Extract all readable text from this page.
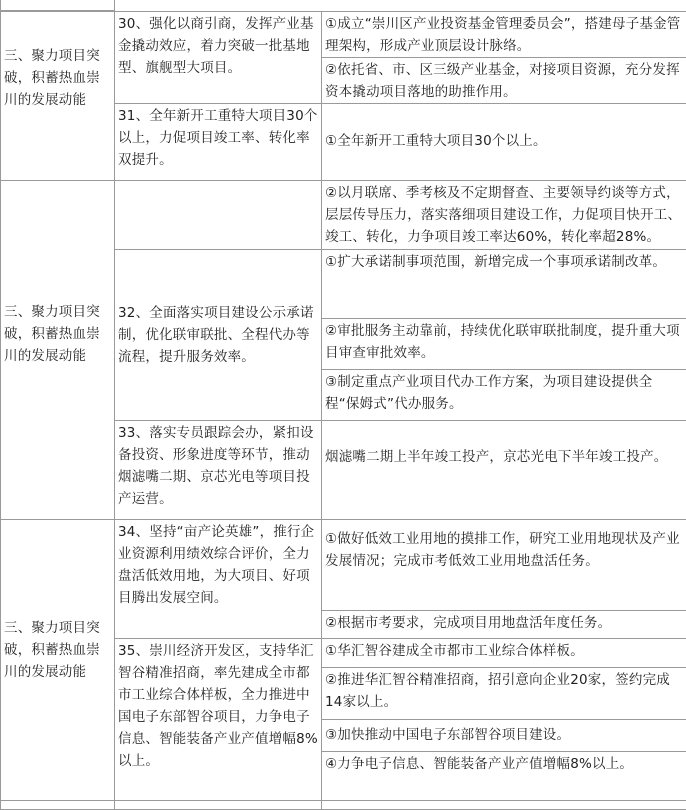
三、聚力项目突破，积蓄热血崇川的发展动能
30、强化以商引商，发挥产业基金撬动效应，着力突破一批基地型、旗舰型大项目。
①成立“崇川区产业投资基金管理委员会”，搭建母子基金管理架构，形成产业顶层设计脉络。
②依托省、市、区三级产业基金，对接项目资源，充分发挥资本撬动项目落地的助推作用。
31、全年新开工重特大项目30个以上，力促项目竣工率、转化率双提升。
①全年新开工重特大项目30个以上。
三、聚力项目突破，积蓄热血崇川的发展动能
②以月联席、季考核及不定期督查、主要领导约谈等方式，层层传导压力，落实落细项目建设工作，力促项目快开工、竣工、转化，力争项目竣工率达60%，转化率超28%。
32、全面落实项目建设公示承诺制，优化联审联批、全程代办等流程，提升服务效率。
①扩大承诺制事项范围，新增完成一个事项承诺制改革。
②审批服务主动靠前，持续优化联审联批制度，提升重大项目审查审批效率。
③制定重点产业项目代办工作方案，为项目建设提供全程“保姆式”代办服务。
33、落实专员跟踪会办，紧扣设备投资、形象进度等环节，推动烟滤嘴二期、京芯光电等项目投产运营。
烟滤嘴二期上半年竣工投产，京芯光电下半年竣工投产。
三、聚力项目突破，积蓄热血崇川的发展动能
34、坚持“亩产论英雄”，推行企业资源利用绩效综合评价，全力盘活低效用地，为大项目、好项目腾出发展空间。
①做好低效工业用地的摸排工作，研究工业用地现状及产业发展情况；完成市考低效工业用地盘活任务。
②根据市考要求，完成项目用地盘活年度任务。
35、崇川经济开发区，支持华汇智谷精准招商，率先建成全市都市工业综合体样板，全力推进中国电子东部智谷项目，力争电子信息、智能装备产业产值增幅8%以上。
①华汇智谷建成全市都市工业综合体样板。
②推进华汇智谷精准招商，招引意向企业20家，签约完成14家以上。
③加快推动中国电子东部智谷项目建设。
④力争电子信息、智能装备产业产值增幅8%以上。
